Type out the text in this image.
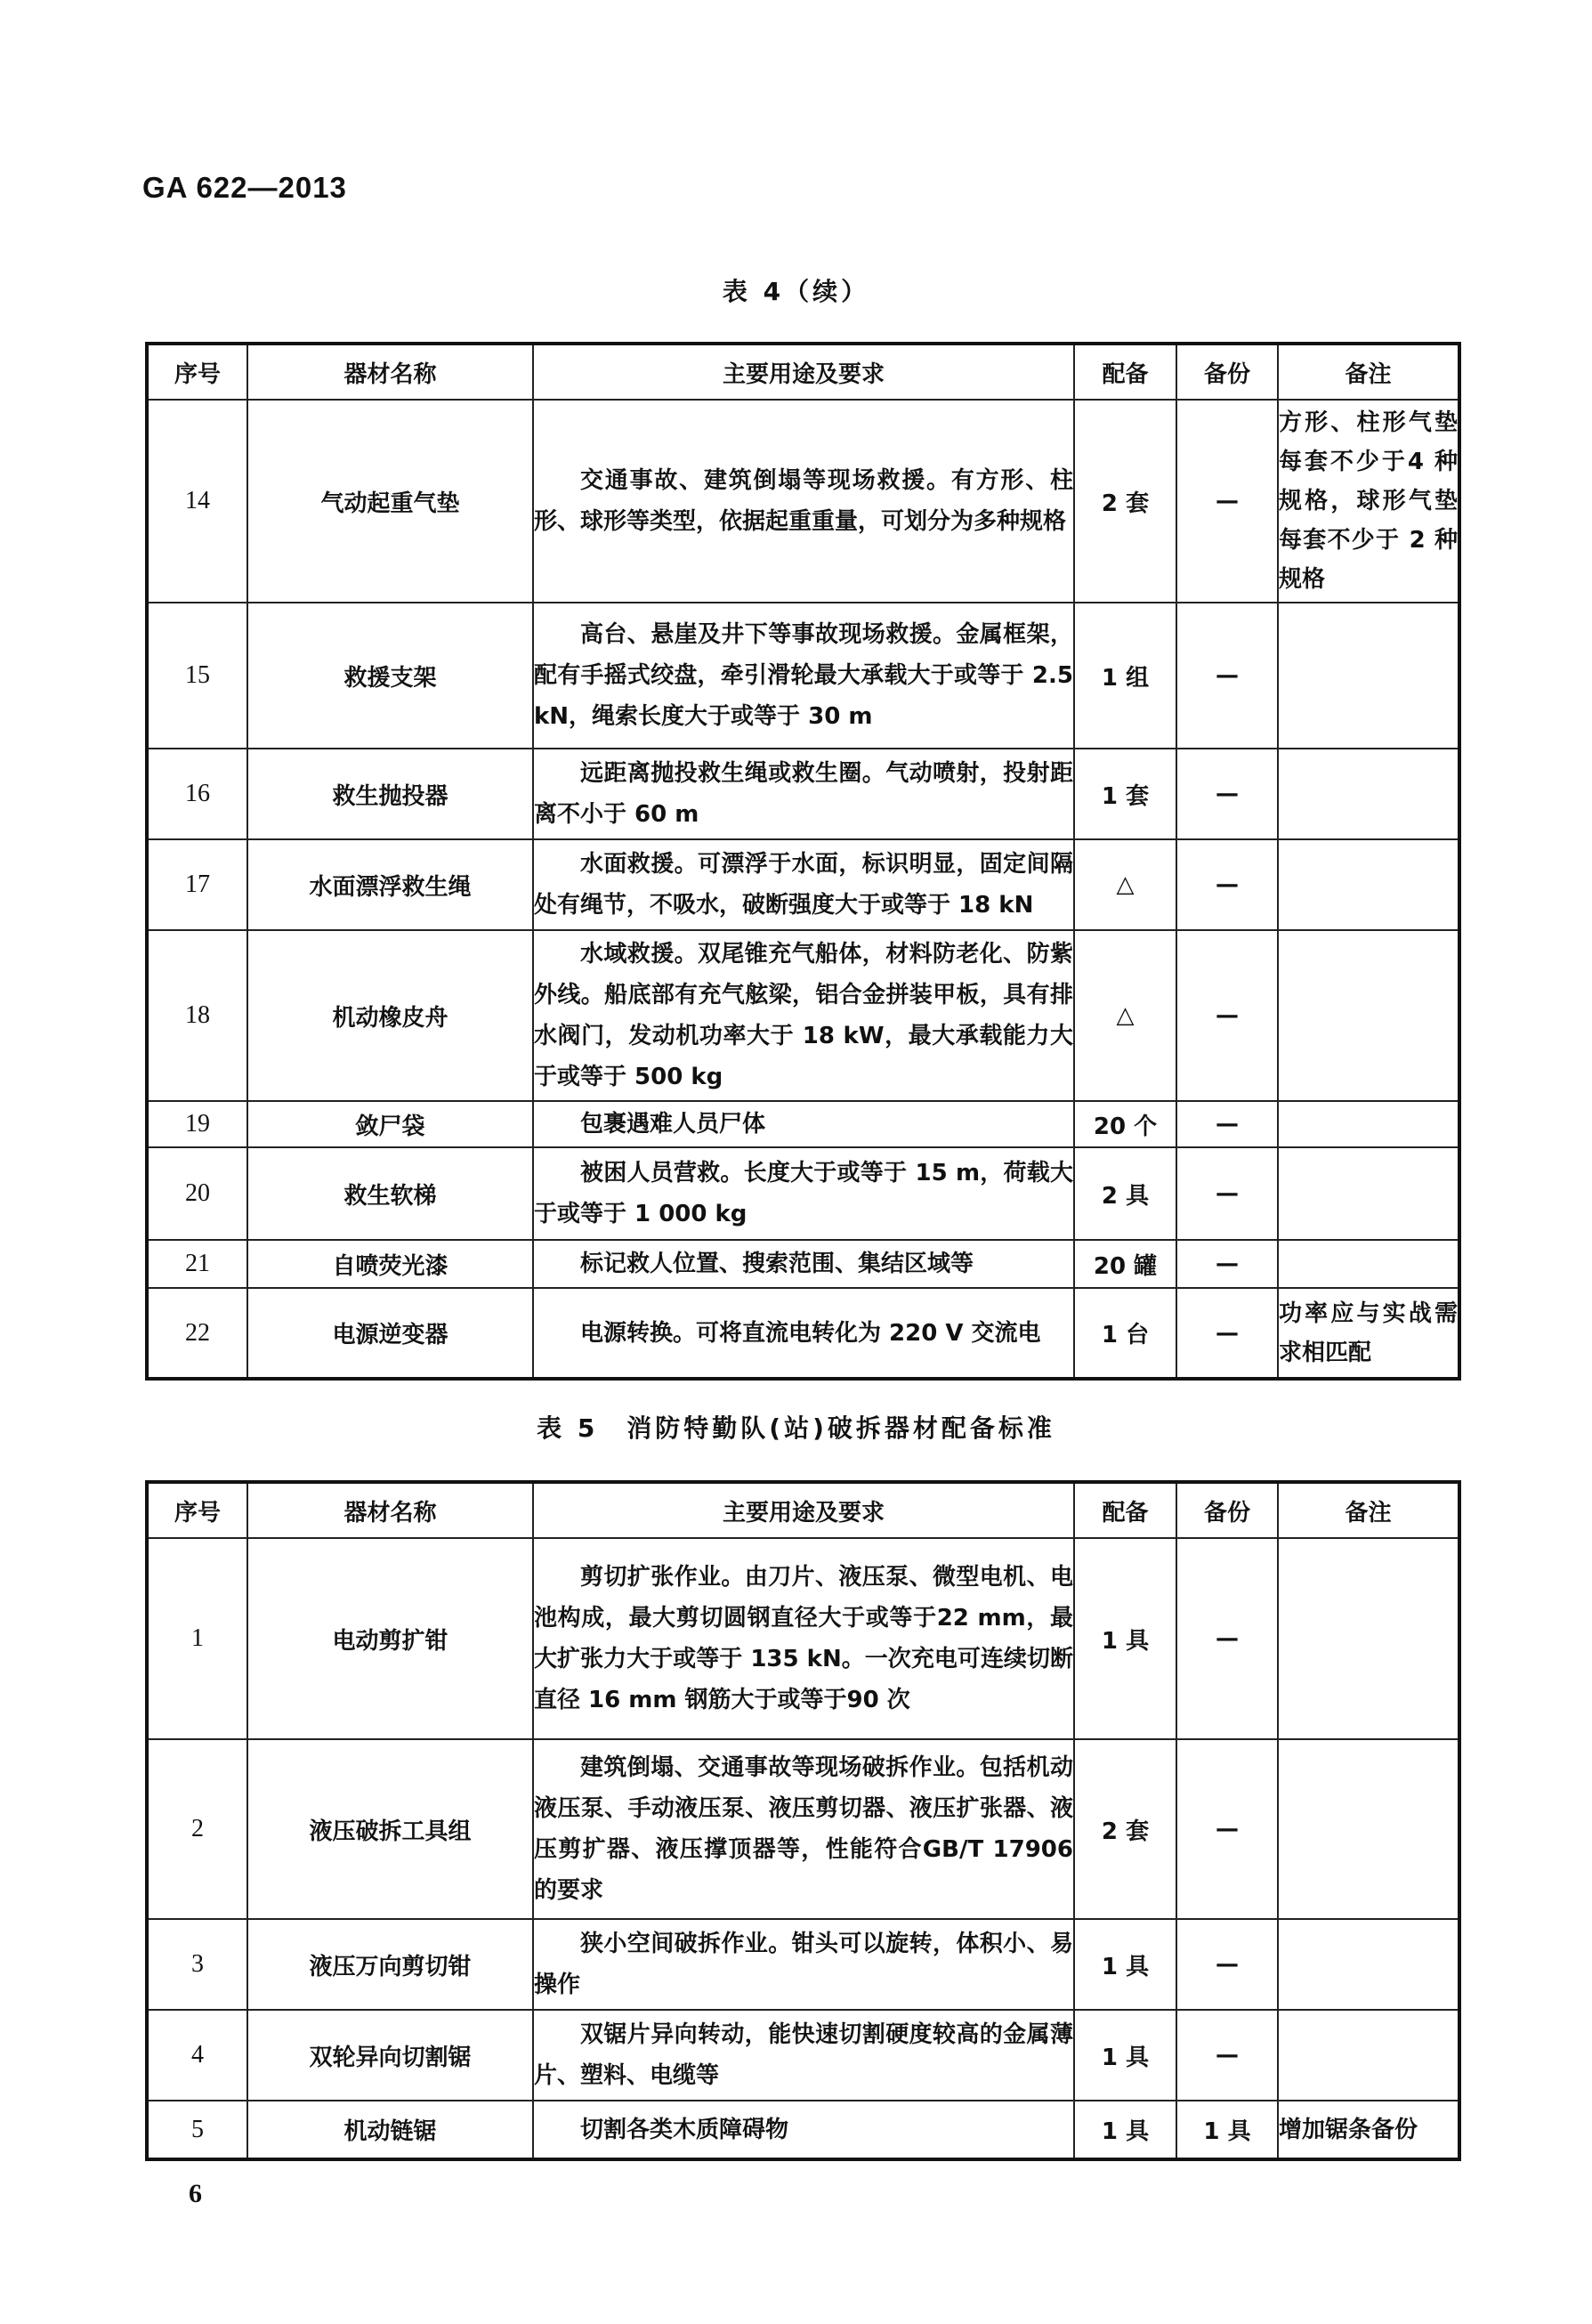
GA 622—2013
表 4（续）
序号	器材名称	主要用途及要求	配备	备份	备注
14	气动起重气垫	交通事故、建筑倒塌等现场救援。有方形、柱形、球形等类型，依据起重重量，可划分为多种规格	2 套	—	方形、柱形气垫每套不少于4 种规格，球形气垫每套不少于 2 种规格
15	救援支架	高台、悬崖及井下等事故现场救援。金属框架，配有手摇式绞盘，牵引滑轮最大承载大于或等于 2.5 kN，绳索长度大于或等于 30 m	1 组	—	
16	救生抛投器	远距离抛投救生绳或救生圈。气动喷射，投射距离不小于 60 m	1 套	—	
17	水面漂浮救生绳	水面救援。可漂浮于水面，标识明显，固定间隔处有绳节，不吸水，破断强度大于或等于 18 kN	△	—	
18	机动橡皮舟	水域救援。双尾锥充气船体，材料防老化、防紫外线。船底部有充气舷梁，铝合金拼装甲板，具有排水阀门，发动机功率大于 18 kW，最大承载能力大于或等于 500 kg	△	—	
19	敛尸袋	包裹遇难人员尸体	20 个	—	
20	救生软梯	被困人员营救。长度大于或等于 15 m，荷载大于或等于 1 000 kg	2 具	—	
21	自喷荧光漆	标记救人位置、搜索范围、集结区域等	20 罐	—	
22	电源逆变器	电源转换。可将直流电转化为 220 V 交流电	1 台	—	功率应与实战需求相匹配
表 5　消防特勤队(站)破拆器材配备标准
序号	器材名称	主要用途及要求	配备	备份	备注
1	电动剪扩钳	剪切扩张作业。由刀片、液压泵、微型电机、电池构成，最大剪切圆钢直径大于或等于22 mm，最大扩张力大于或等于 135 kN。一次充电可连续切断直径 16 mm 钢筋大于或等于90 次	1 具	—	
2	液压破拆工具组	建筑倒塌、交通事故等现场破拆作业。包括机动液压泵、手动液压泵、液压剪切器、液压扩张器、液压剪扩器、液压撑顶器等，性能符合GB/T 17906 的要求	2 套	—	
3	液压万向剪切钳	狭小空间破拆作业。钳头可以旋转，体积小、易操作	1 具	—	
4	双轮异向切割锯	双锯片异向转动，能快速切割硬度较高的金属薄片、塑料、电缆等	1 具	—	
5	机动链锯	切割各类木质障碍物	1 具	1 具	增加锯条备份
6
